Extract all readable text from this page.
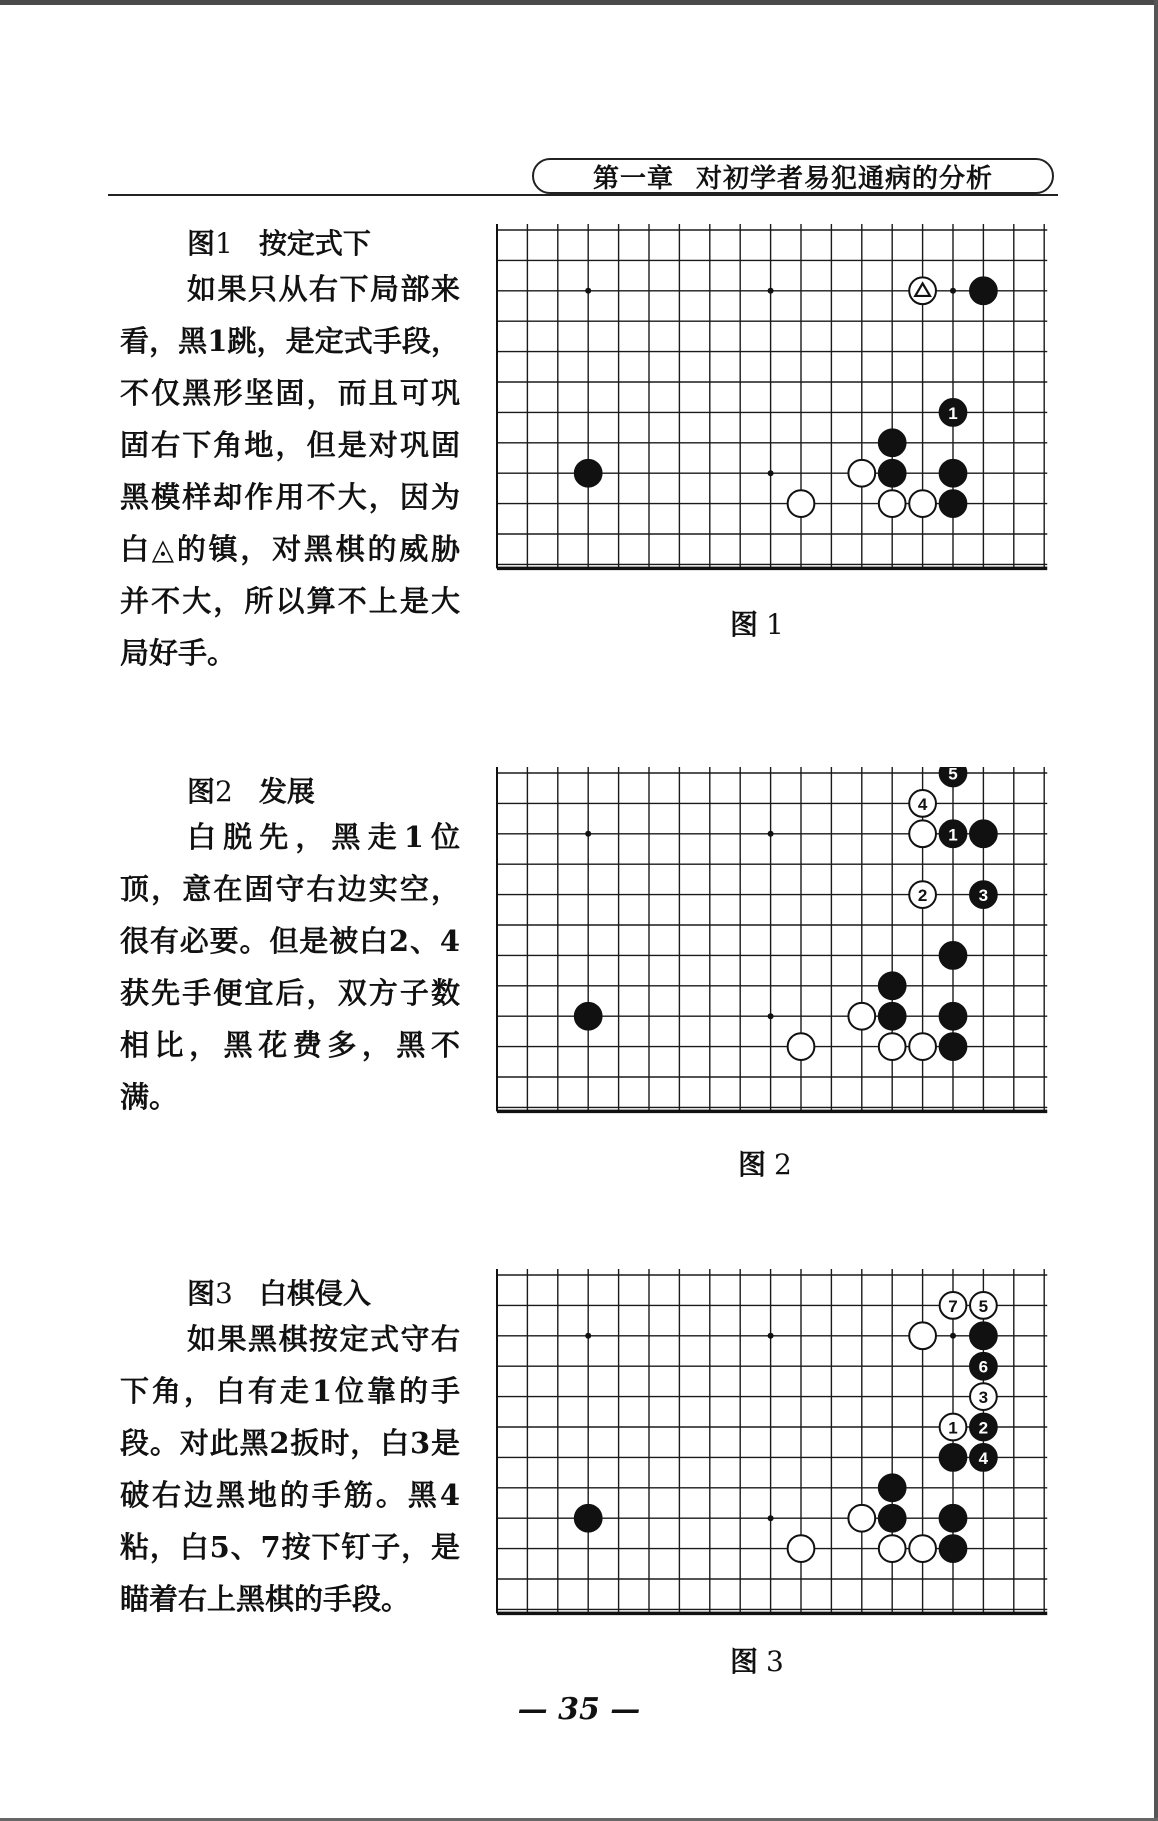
第一章 对初学者易犯通病的分析
图1 按定式下

如果只从右下局部来看，黑1跳，是定式手段，不仅黑形坚固，而且可巩固右下角地，但是对巩固黑模样却作用不大，因为白◬的镇，对黑棋的威胁并不大，所以算不上是大局好手。

1
图 1
图2 发展

白脱先，黑走1位顶，意在固守右边实空，很有必要。但是被白2、4获先手便宜后，双方子数相比，黑花费多，黑不满。

5
4
1
2	3
图 2
图3 白棋侵入

如果黑棋按定式守右下角，白有走1位靠的手段。对此黑2扳时，白3是破右边黑地的手筋。黑4粘，白5、7按下钉子，是瞄着右上黑棋的手段。

7 5
6
3
1 2
4
图 3
— 35 —
